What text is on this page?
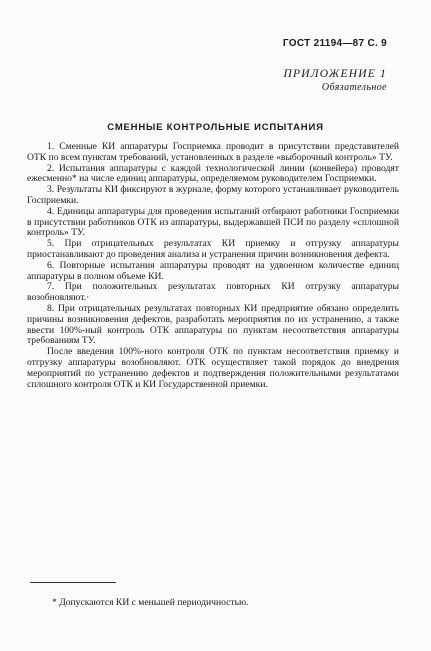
ГОСТ 21194—87 С. 9
ПРИЛОЖЕНИЕ 1
Обязательное
СМЕННЫЕ КОНТРОЛЬНЫЕ ИСПЫТАНИЯ

1. Сменные КИ аппаратуры Госприемка проводит в присутствии представителей ОТК по всем пунктам требований, установленных в разделе «выборочный контроль» ТУ.

2. Испытания аппаратуры с каждой технологической линии (конвейера) проводят ежесменно* на числе единиц аппаратуры, определяемом руководителем Госприемки.

3. Результаты КИ фиксируют в журнале, форму которого устанавливает руководитель Госприемки.

4. Единицы аппаратуры для проведения испытаний отбирают работники Госприемки в присутствии работников ОТК из аппаратуры, выдержавшей ПСИ по разделу «сплошной контроль» ТУ.

5. При отрицательных результатах КИ приемку и отгрузку аппаратуры приостанавливают до проведения анализа и устранения причин возникновения дефекта.

6. Повторные испытания аппаратуры проводят на удвоенном количестве единиц аппаратуры в полном объеме КИ.

7. При положительных результатах повторных КИ отгрузку аппаратуры возобновляют.·

8. При отрицательных результатах повторных КИ предприятие обязано определить причины возникновения дефектов, разработать мероприятия по их устранению, а также ввести 100%-ный контроль ОТК аппаратуры по пунктам несоответствия аппаратуры требованиям ТУ.

После введения 100%-ного контроля ОТК по пунктам несоответствия приемку и отгрузку аппаратуры возобновляют. ОТК осуществляет такой порядок до внедрения мероприятий по устранению дефектов и подтверждения положительными результатами сплошного контроля ОТК и КИ Государственной приемки.

* Допускаются КИ с меньшей периодичностью.
